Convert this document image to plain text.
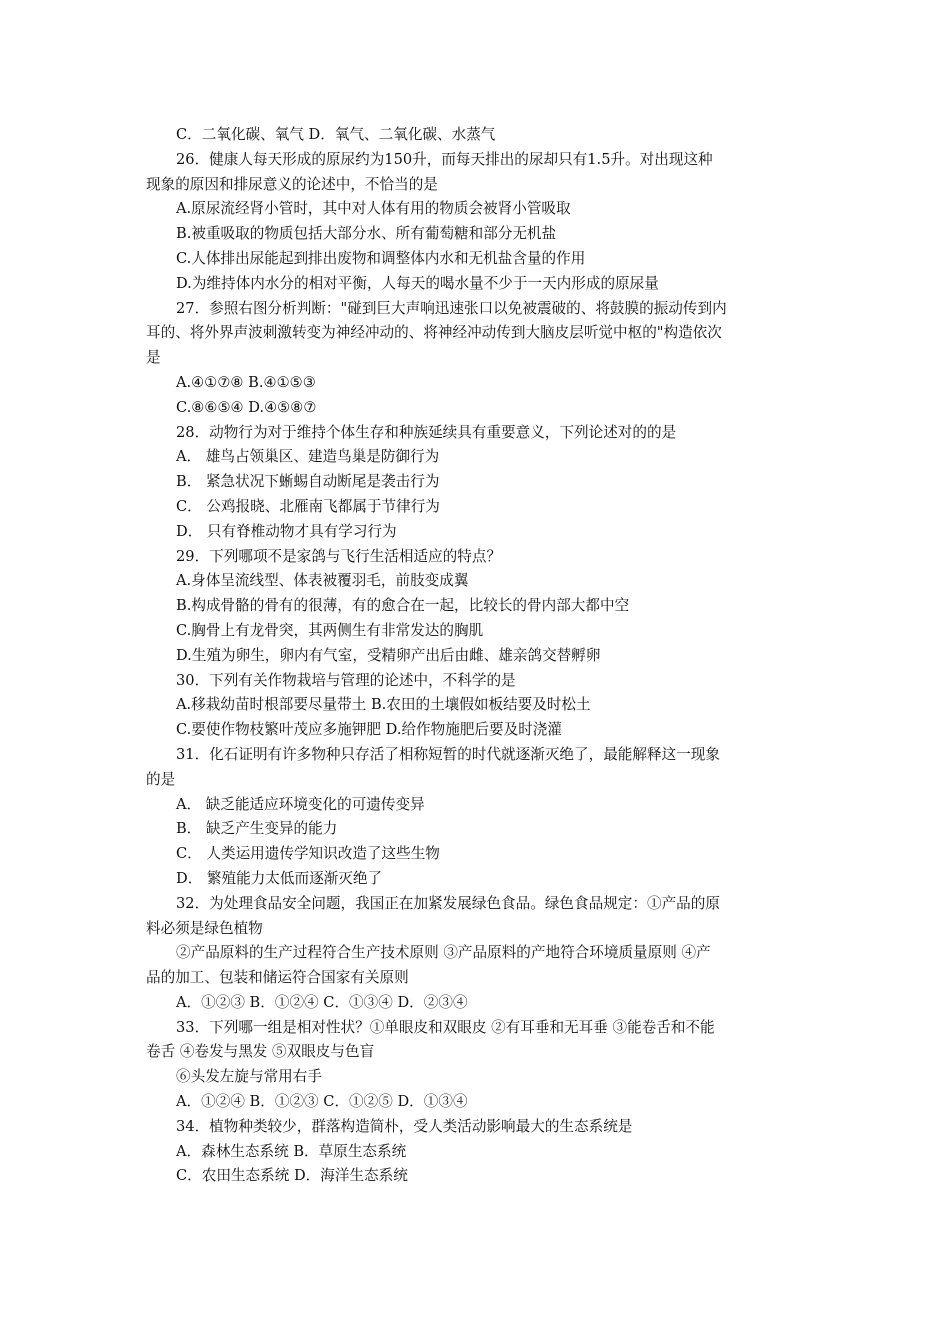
C．二氧化碳、氧气 D．氧气、二氧化碳、水蒸气
26．健康人每天形成的原尿约为150升，而每天排出的尿却只有1.5升。对出现这种
现象的原因和排尿意义的论述中，不恰当的是
A.原尿流经肾小管时，其中对人体有用的物质会被肾小管吸取
B.被重吸取的物质包括大部分水、所有葡萄糖和部分无机盐
C.人体排出尿能起到排出废物和调整体内水和无机盐含量的作用
D.为维持体内水分的相对平衡，人每天的喝水量不少于一天内形成的原尿量
27．参照右图分析判断："碰到巨大声响迅速张口以免被震破的、将鼓膜的振动传到内
耳的、将外界声波刺激转变为神经冲动的、将神经冲动传到大脑皮层听觉中枢的"构造依次
是
A.④①⑦⑧ B.④①⑤③
C.⑧⑥⑤④ D.④⑤⑧⑦
28．动物行为对于维持个体生存和种族延续具有重要意义，下列论述对的的是
A． 雄鸟占领巢区、建造鸟巢是防御行为
B． 紧急状况下蜥蜴自动断尾是袭击行为
C． 公鸡报晓、北雁南飞都属于节律行为
D． 只有脊椎动物才具有学习行为
29．下列哪项不是家鸽与飞行生活相适应的特点？
A.身体呈流线型、体表被覆羽毛，前肢变成翼
B.构成骨骼的骨有的很薄，有的愈合在一起，比较长的骨内部大都中空
C.胸骨上有龙骨突，其两侧生有非常发达的胸肌
D.生殖为卵生，卵内有气室，受精卵产出后由雌、雄亲鸽交替孵卵
30．下列有关作物栽培与管理的论述中，不科学的是
A.移栽幼苗时根部要尽量带土 B.农田的土壤假如板结要及时松土
C.要使作物枝繁叶茂应多施钾肥 D.给作物施肥后要及时浇灌
31．化石证明有许多物种只存活了相称短暂的时代就逐渐灭绝了，最能解释这一现象
的是
A． 缺乏能适应环境变化的可遗传变异
B． 缺乏产生变异的能力
C． 人类运用遗传学知识改造了这些生物
D． 繁殖能力太低而逐渐灭绝了
32．为处理食品安全问题，我国正在加紧发展绿色食品。绿色食品规定：①产品的原
料必须是绿色植物
②产品原料的生产过程符合生产技术原则 ③产品原料的产地符合环境质量原则 ④产
品的加工、包装和储运符合国家有关原则
A．①②③ B．①②④ C．①③④ D．②③④
33．下列哪一组是相对性状？①单眼皮和双眼皮 ②有耳垂和无耳垂 ③能卷舌和不能
卷舌 ④卷发与黑发 ⑤双眼皮与色盲
⑥头发左旋与常用右手
A．①②④ B．①②③ C．①②⑤ D．①③④
34．植物种类较少，群落构造简朴，受人类活动影响最大的生态系统是
A．森林生态系统 B．草原生态系统
C．农田生态系统 D．海洋生态系统
